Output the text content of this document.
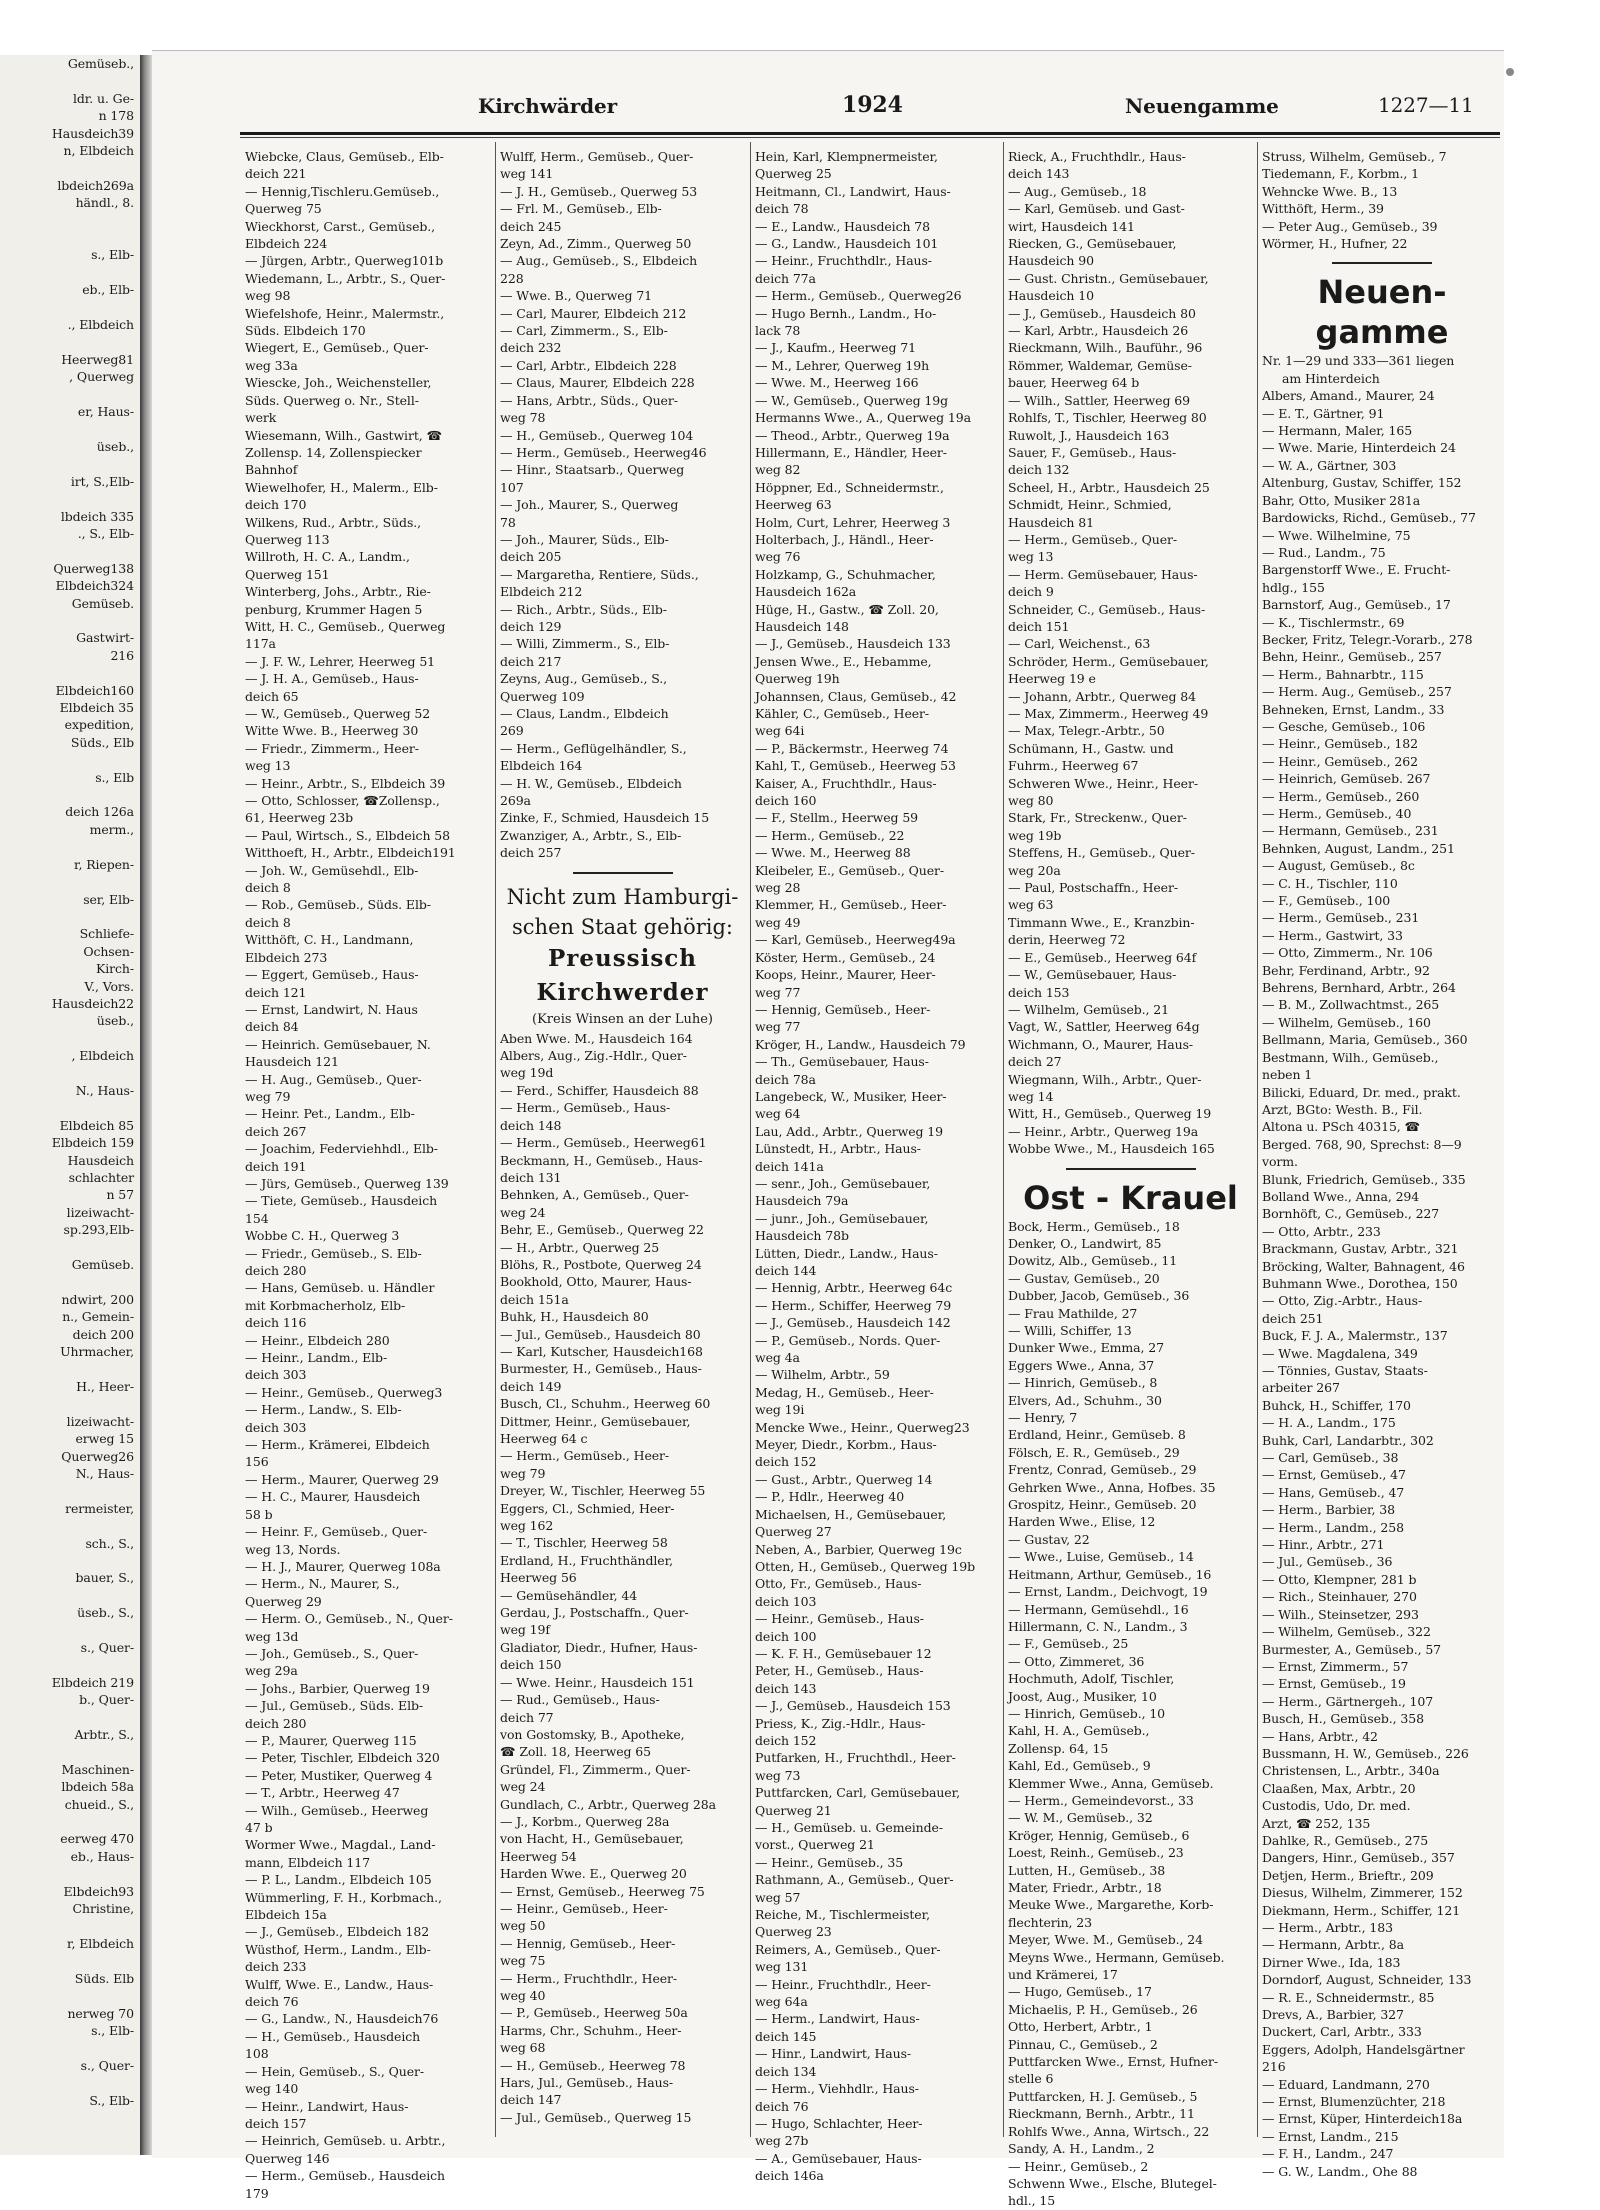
Gemüseb.,

ldr. u. Ge-
n 178
Hausdeich39
n, Elbdeich

lbdeich269a
händl., 8.

s., Elb-

eb., Elb-

., Elbdeich

Heerweg81
, Querweg

er, Haus-

üseb.,

irt, S.,Elb-

lbdeich 335
., S., Elb-

Querweg138
Elbdeich324
Gemüseb.

Gastwirt-
216

Elbdeich160
Elbdeich 35
expedition,
Süds., Elb

s., Elb

deich 126a
merm.,

r, Riepen-

ser, Elb-

Schliefe-
Ochsen-
Kirch-
V., Vors.
Hausdeich22
üseb.,

, Elbdeich

N., Haus-

Elbdeich 85
Elbdeich 159
Hausdeich
schlachter
n 57
lizeiwacht-
sp.293,Elb-

Gemüseb.

ndwirt, 200
n., Gemein-
deich 200
Uhrmacher,

H., Heer-

lizeiwacht-
erweg 15
Querweg26
N., Haus-

rermeister,

sch., S.,

bauer, S.,

üseb., S.,

s., Quer-

Elbdeich 219
b., Quer-

Arbtr., S.,

Maschinen-
lbdeich 58a
chueid., S.,

eerweg 470
eb., Haus-

Elbdeich93
Christine,

r, Elbdeich

Süds. Elb

nerweg 70
s., Elb-

s., Quer-

S., Elb-
Kirchwärder	1924	Neuengamme	1227—11
Wiebcke, Claus, Gemüseb., Elb-
deich 221
— Hennig,Tischleru.Gemüseb.,
Querweg 75
Wieckhorst, Carst., Gemüseb.,
Elbdeich 224
— Jürgen, Arbtr., Querweg101b
Wiedemann, L., Arbtr., S., Quer-
weg 98
Wiefelshofe, Heinr., Malermstr.,
Süds. Elbdeich 170
Wiegert, E., Gemüseb., Quer-
weg 33a
Wiescke, Joh., Weichensteller,
Süds. Querweg o. Nr., Stell-
werk
Wiesemann, Wilh., Gastwirt, ☎
Zollensp. 14, Zollenspiecker
Bahnhof
Wiewelhofer, H., Malerm., Elb-
deich 170
Wilkens, Rud., Arbtr., Süds.,
Querweg 113
Willroth, H. C. A., Landm.,
Querweg 151
Winterberg, Johs., Arbtr., Rie-
penburg, Krummer Hagen 5
Witt, H. C., Gemüseb., Querweg
117a
— J. F. W., Lehrer, Heerweg 51
— J. H. A., Gemüseb., Haus-
deich 65
— W., Gemüseb., Querweg 52
Witte Wwe. B., Heerweg 30
— Friedr., Zimmerm., Heer-
weg 13
— Heinr., Arbtr., S., Elbdeich 39
— Otto, Schlosser, ☎Zollensp.,
61, Heerweg 23b
— Paul, Wirtsch., S., Elbdeich 58
Witthoeft, H., Arbtr., Elbdeich191
— Joh. W., Gemüsehdl., Elb-
deich 8
— Rob., Gemüseb., Süds. Elb-
deich 8
Witthöft, C. H., Landmann,
Elbdeich 273
— Eggert, Gemüseb., Haus-
deich 121
— Ernst, Landwirt, N. Haus
deich 84
— Heinrich. Gemüsebauer, N.
Hausdeich 121
— H. Aug., Gemüseb., Quer-
weg 79
— Heinr. Pet., Landm., Elb-
deich 267
— Joachim, Federviehhdl., Elb-
deich 191
— Jürs, Gemüseb., Querweg 139
— Tiete, Gemüseb., Hausdeich
154
Wobbe C. H., Querweg 3
— Friedr., Gemüseb., S. Elb-
deich 280
— Hans, Gemüseb. u. Händler
mit Korbmacherholz, Elb-
deich 116
— Heinr., Elbdeich 280
— Heinr., Landm., Elb-
deich 303
— Heinr., Gemüseb., Querweg3
— Herm., Landw., S. Elb-
deich 303
— Herm., Krämerei, Elbdeich
156
— Herm., Maurer, Querweg 29
— H. C., Maurer, Hausdeich
58 b
— Heinr. F., Gemüseb., Quer-
weg 13, Nords.
— H. J., Maurer, Querweg 108a
— Herm., N., Maurer, S.,
Querweg 29
— Herm. O., Gemüseb., N., Quer-
weg 13d
— Joh., Gemüseb., S., Quer-
weg 29a
— Johs., Barbier, Querweg 19
— Jul., Gemüseb., Süds. Elb-
deich 280
— P., Maurer, Querweg 115
— Peter, Tischler, Elbdeich 320
— Peter, Mustiker, Querweg 4
— T., Arbtr., Heerweg 47
— Wilh., Gemüseb., Heerweg
47 b
Wormer Wwe., Magdal., Land-
mann, Elbdeich 117
— P. L., Landm., Elbdeich 105
Wümmerling, F. H., Korbmach.,
Elbdeich 15a
— J., Gemüseb., Elbdeich 182
Wüsthof, Herm., Landm., Elb-
deich 233
Wulff, Wwe. E., Landw., Haus-
deich 76
— G., Landw., N., Hausdeich76
— H., Gemüseb., Hausdeich
108
— Hein, Gemüseb., S., Quer-
weg 140
— Heinr., Landwirt, Haus-
deich 157
— Heinrich, Gemüseb. u. Arbtr.,
Querweg 146
— Herm., Gemüseb., Hausdeich
179
Wulff, Herm., Gemüseb., Quer-
weg 141
— J. H., Gemüseb., Querweg 53
— Frl. M., Gemüseb., Elb-
deich 245
Zeyn, Ad., Zimm., Querweg 50
— Aug., Gemüseb., S., Elbdeich
228
— Wwe. B., Querweg 71
— Carl, Maurer, Elbdeich 212
— Carl, Zimmerm., S., Elb-
deich 232
— Carl, Arbtr., Elbdeich 228
— Claus, Maurer, Elbdeich 228
— Hans, Arbtr., Süds., Quer-
weg 78
— H., Gemüseb., Querweg 104
— Herm., Gemüseb., Heerweg46
— Hinr., Staatsarb., Querweg
107
— Joh., Maurer, S., Querweg
78
— Joh., Maurer, Süds., Elb-
deich 205
— Margaretha, Rentiere, Süds.,
Elbdeich 212
— Rich., Arbtr., Süds., Elb-
deich 129
— Willi, Zimmerm., S., Elb-
deich 217
Zeyns, Aug., Gemüseb., S.,
Querweg 109
— Claus, Landm., Elbdeich
269
— Herm., Geflügelhändler, S.,
Elbdeich 164
— H. W., Gemüseb., Elbdeich
269a
Zinke, F., Schmied, Hausdeich 15
Zwanziger, A., Arbtr., S., Elb-
deich 257
Nicht zum Hamburgi-
schen Staat gehörig:
Preussisch
Kirchwerder
(Kreis Winsen an der Luhe)
Aben Wwe. M., Hausdeich 164
Albers, Aug., Zig.-Hdlr., Quer-
weg 19d
— Ferd., Schiffer, Hausdeich 88
— Herm., Gemüseb., Haus-
deich 148
— Herm., Gemüseb., Heerweg61
Beckmann, H., Gemüseb., Haus-
deich 131
Behnken, A., Gemüseb., Quer-
weg 24
Behr, E., Gemüseb., Querweg 22
— H., Arbtr., Querweg 25
Blöhs, R., Postbote, Querweg 24
Bookhold, Otto, Maurer, Haus-
deich 151a
Buhk, H., Hausdeich 80
— Jul., Gemüseb., Hausdeich 80
— Karl, Kutscher, Hausdeich168
Burmester, H., Gemüseb., Haus-
deich 149
Busch, Cl., Schuhm., Heerweg 60
Dittmer, Heinr., Gemüsebauer,
Heerweg 64 c
— Herm., Gemüseb., Heer-
weg 79
Dreyer, W., Tischler, Heerweg 55
Eggers, Cl., Schmied, Heer-
weg 162
— T., Tischler, Heerweg 58
Erdland, H., Fruchthändler,
Heerweg 56
— Gemüsehändler, 44
Gerdau, J., Postschaffn., Quer-
weg 19f
Gladiator, Diedr., Hufner, Haus-
deich 150
— Wwe. Heinr., Hausdeich 151
— Rud., Gemüseb., Haus-
deich 77
von Gostomsky, B., Apotheke,
☎ Zoll. 18, Heerweg 65
Gründel, Fl., Zimmerm., Quer-
weg 24
Gundlach, C., Arbtr., Querweg 28a
— J., Korbm., Querweg 28a
von Hacht, H., Gemüsebauer,
Heerweg 54
Harden Wwe. E., Querweg 20
— Ernst, Gemüseb., Heerweg 75
— Heinr., Gemüseb., Heer-
weg 50
— Hennig, Gemüseb., Heer-
weg 75
— Herm., Fruchthdlr., Heer-
weg 40
— P., Gemüseb., Heerweg 50a
Harms, Chr., Schuhm., Heer-
weg 68
— H., Gemüseb., Heerweg 78
Hars, Jul., Gemüseb., Haus-
deich 147
— Jul., Gemüseb., Querweg 15
Hein, Karl, Klempnermeister,
Querweg 25
Heitmann, Cl., Landwirt, Haus-
deich 78
— E., Landw., Hausdeich 78
— G., Landw., Hausdeich 101
— Heinr., Fruchthdlr., Haus-
deich 77a
— Herm., Gemüseb., Querweg26
— Hugo Bernh., Landm., Ho-
lack 78
— J., Kaufm., Heerweg 71
— M., Lehrer, Querweg 19h
— Wwe. M., Heerweg 166
— W., Gemüseb., Querweg 19g
Hermanns Wwe., A., Querweg 19a
— Theod., Arbtr., Querweg 19a
Hillermann, E., Händler, Heer-
weg 82
Höppner, Ed., Schneidermstr.,
Heerweg 63
Holm, Curt, Lehrer, Heerweg 3
Holterbach, J., Händl., Heer-
weg 76
Holzkamp, G., Schuhmacher,
Hausdeich 162a
Hüge, H., Gastw., ☎ Zoll. 20,
Hausdeich 148
— J., Gemüseb., Hausdeich 133
Jensen Wwe., E., Hebamme,
Querweg 19h
Johannsen, Claus, Gemüseb., 42
Kähler, C., Gemüseb., Heer-
weg 64i
— P., Bäckermstr., Heerweg 74
Kahl, T., Gemüseb., Heerweg 53
Kaiser, A., Fruchthdlr., Haus-
deich 160
— F., Stellm., Heerweg 59
— Herm., Gemüseb., 22
— Wwe. M., Heerweg 88
Kleibeler, E., Gemüseb., Quer-
weg 28
Klemmer, H., Gemüseb., Heer-
weg 49
— Karl, Gemüseb., Heerweg49a
Köster, Herm., Gemüseb., 24
Koops, Heinr., Maurer, Heer-
weg 77
— Hennig, Gemüseb., Heer-
weg 77
Kröger, H., Landw., Hausdeich 79
— Th., Gemüsebauer, Haus-
deich 78a
Langebeck, W., Musiker, Heer-
weg 64
Lau, Add., Arbtr., Querweg 19
Lünstedt, H., Arbtr., Haus-
deich 141a
— senr., Joh., Gemüsebauer,
Hausdeich 79a
— junr., Joh., Gemüsebauer,
Hausdeich 78b
Lütten, Diedr., Landw., Haus-
deich 144
— Hennig, Arbtr., Heerweg 64c
— Herm., Schiffer, Heerweg 79
— J., Gemüseb., Hausdeich 142
— P., Gemüseb., Nords. Quer-
weg 4a
— Wilhelm, Arbtr., 59
Medag, H., Gemüseb., Heer-
weg 19i
Mencke Wwe., Heinr., Querweg23
Meyer, Diedr., Korbm., Haus-
deich 152
— Gust., Arbtr., Querweg 14
— P., Hdlr., Heerweg 40
Michaelsen, H., Gemüsebauer,
Querweg 27
Neben, A., Barbier, Querweg 19c
Otten, H., Gemüseb., Querweg 19b
Otto, Fr., Gemüseb., Haus-
deich 103
— Heinr., Gemüseb., Haus-
deich 100
— K. F. H., Gemüsebauer 12
Peter, H., Gemüseb., Haus-
deich 143
— J., Gemüseb., Hausdeich 153
Priess, K., Zig.-Hdlr., Haus-
deich 152
Putfarken, H., Fruchthdl., Heer-
weg 73
Puttfarcken, Carl, Gemüsebauer,
Querweg 21
— H., Gemüseb. u. Gemeinde-
vorst., Querweg 21
— Heinr., Gemüseb., 35
Rathmann, A., Gemüseb., Quer-
weg 57
Reiche, M., Tischlermeister,
Querweg 23
Reimers, A., Gemüseb., Quer-
weg 131
— Heinr., Fruchthdlr., Heer-
weg 64a
— Herm., Landwirt, Haus-
deich 145
— Hinr., Landwirt, Haus-
deich 134
— Herm., Viehhdlr., Haus-
deich 76
— Hugo, Schlachter, Heer-
weg 27b
— A., Gemüsebauer, Haus-
deich 146a
Rieck, A., Fruchthdlr., Haus-
deich 143
— Aug., Gemüseb., 18
— Karl, Gemüseb. und Gast-
wirt, Hausdeich 141
Riecken, G., Gemüsebauer,
Hausdeich 90
— Gust. Christn., Gemüsebauer,
Hausdeich 10
— J., Gemüseb., Hausdeich 80
— Karl, Arbtr., Hausdeich 26
Rieckmann, Wilh., Bauführ., 96
Römmer, Waldemar, Gemüse-
bauer, Heerweg 64 b
— Wilh., Sattler, Heerweg 69
Rohlfs, T., Tischler, Heerweg 80
Ruwolt, J., Hausdeich 163
Sauer, F., Gemüseb., Haus-
deich 132
Scheel, H., Arbtr., Hausdeich 25
Schmidt, Heinr., Schmied,
Hausdeich 81
— Herm., Gemüseb., Quer-
weg 13
— Herm. Gemüsebauer, Haus-
deich 9
Schneider, C., Gemüseb., Haus-
deich 151
— Carl, Weichenst., 63
Schröder, Herm., Gemüsebauer,
Heerweg 19 e
— Johann, Arbtr., Querweg 84
— Max, Zimmerm., Heerweg 49
— Max, Telegr.-Arbtr., 50
Schümann, H., Gastw. und
Fuhrm., Heerweg 67
Schweren Wwe., Heinr., Heer-
weg 80
Stark, Fr., Streckenw., Quer-
weg 19b
Steffens, H., Gemüseb., Quer-
weg 20a
— Paul, Postschaffn., Heer-
weg 63
Timmann Wwe., E., Kranzbin-
derin, Heerweg 72
— E., Gemüseb., Heerweg 64f
— W., Gemüsebauer, Haus-
deich 153
— Wilhelm, Gemüseb., 21
Vagt, W., Sattler, Heerweg 64g
Wichmann, O., Maurer, Haus-
deich 27
Wiegmann, Wilh., Arbtr., Quer-
weg 14
Witt, H., Gemüseb., Querweg 19
— Heinr., Arbtr., Querweg 19a
Wobbe Wwe., M., Hausdeich 165
Ost - Krauel
Bock, Herm., Gemüseb., 18
Denker, O., Landwirt, 85
Dowitz, Alb., Gemüseb., 11
— Gustav, Gemüseb., 20
Dubber, Jacob, Gemüseb., 36
— Frau Mathilde, 27
— Willi, Schiffer, 13
Dunker Wwe., Emma, 27
Eggers Wwe., Anna, 37
— Hinrich, Gemüseb., 8
Elvers, Ad., Schuhm., 30
— Henry, 7
Erdland, Heinr., Gemüseb. 8
Fölsch, E. R., Gemüseb., 29
Frentz, Conrad, Gemüseb., 29
Gehrken Wwe., Anna, Hofbes. 35
Grospitz, Heinr., Gemüseb. 20
Harden Wwe., Elise, 12
— Gustav, 22
— Wwe., Luise, Gemüseb., 14
Heitmann, Arthur, Gemüseb., 16
— Ernst, Landm., Deichvogt, 19
— Hermann, Gemüsehdl., 16
Hillermann, C. N., Landm., 3
— F., Gemüseb., 25
— Otto, Zimmeret, 36
Hochmuth, Adolf, Tischler,
Joost, Aug., Musiker, 10
— Hinrich, Gemüseb., 10
Kahl, H. A., Gemüseb.,
Zollensp. 64, 15
Kahl, Ed., Gemüseb., 9
Klemmer Wwe., Anna, Gemüseb.
— Herm., Gemeindevorst., 33
— W. M., Gemüseb., 32
Kröger, Hennig, Gemüseb., 6
Loest, Reinh., Gemüseb., 23
Lutten, H., Gemüseb., 38
Mater, Friedr., Arbtr., 18
Meuke Wwe., Margarethe, Korb-
flechterin, 23
Meyer, Wwe. M., Gemüseb., 24
Meyns Wwe., Hermann, Gemüseb.
und Krämerei, 17
— Hugo, Gemüseb., 17
Michaelis, P. H., Gemüseb., 26
Otto, Herbert, Arbtr., 1
Pinnau, C., Gemüseb., 2
Puttfarcken Wwe., Ernst, Hufner-
stelle 6
Puttfarcken, H. J. Gemüseb., 5
Rieckmann, Bernh., Arbtr., 11
Rohlfs Wwe., Anna, Wirtsch., 22
Sandy, A. H., Landm., 2
— Heinr., Gemüseb., 2
Schwenn Wwe., Elsche, Blutegel-
hdl., 15
Struss, Wilhelm, Gemüseb., 7
Tiedemann, F., Korbm., 1
Wehncke Wwe. B., 13
Witthöft, Herm., 39
— Peter Aug., Gemüseb., 39
Wörmer, H., Hufner, 22
Neuen-
gamme
Nr. 1—29 und 333—361 liegen
am Hinterdeich
Albers, Amand., Maurer, 24
— E. T., Gärtner, 91
— Hermann, Maler, 165
— Wwe. Marie, Hinterdeich 24
— W. A., Gärtner, 303
Altenburg, Gustav, Schiffer, 152
Bahr, Otto, Musiker 281a
Bardowicks, Richd., Gemüseb., 77
— Wwe. Wilhelmine, 75
— Rud., Landm., 75
Bargenstorff Wwe., E. Frucht-
hdlg., 155
Barnstorf, Aug., Gemüseb., 17
— K., Tischlermstr., 69
Becker, Fritz, Telegr.-Vorarb., 278
Behn, Heinr., Gemüseb., 257
— Herm., Bahnarbtr., 115
— Herm. Aug., Gemüseb., 257
Behneken, Ernst, Landm., 33
— Gesche, Gemüseb., 106
— Heinr., Gemüseb., 182
— Heinr., Gemüseb., 262
— Heinrich, Gemüseb. 267
— Herm., Gemüseb., 260
— Herm., Gemüseb., 40
— Hermann, Gemüseb., 231
Behnken, August, Landm., 251
— August, Gemüseb., 8c
— C. H., Tischler, 110
— F., Gemüseb., 100
— Herm., Gemüseb., 231
— Herm., Gastwirt, 33
— Otto, Zimmerm., Nr. 106
Behr, Ferdinand, Arbtr., 92
Behrens, Bernhard, Arbtr., 264
— B. M., Zollwachtmst., 265
— Wilhelm, Gemüseb., 160
Bellmann, Maria, Gemüseb., 360
Bestmann, Wilh., Gemüseb.,
neben 1
Bilicki, Eduard, Dr. med., prakt.
Arzt, BGto: Westh. B., Fil.
Altona u. PSch 40315, ☎
Berged. 768, 90, Sprechst: 8—9
vorm.
Blunk, Friedrich, Gemüseb., 335
Bolland Wwe., Anna, 294
Bornhöft, C., Gemüseb., 227
— Otto, Arbtr., 233
Brackmann, Gustav, Arbtr., 321
Bröcking, Walter, Bahnagent, 46
Buhmann Wwe., Dorothea, 150
— Otto, Zig.-Arbtr., Haus-
deich 251
Buck, F. J. A., Malermstr., 137
— Wwe. Magdalena, 349
— Tönnies, Gustav, Staats-
arbeiter 267
Buhck, H., Schiffer, 170
— H. A., Landm., 175
Buhk, Carl, Landarbtr., 302
— Carl, Gemüseb., 38
— Ernst, Gemüseb., 47
— Hans, Gemüseb., 47
— Herm., Barbier, 38
— Herm., Landm., 258
— Hinr., Arbtr., 271
— Jul., Gemüseb., 36
— Otto, Klempner, 281 b
— Rich., Steinhauer, 270
— Wilh., Steinsetzer, 293
— Wilhelm, Gemüseb., 322
Burmester, A., Gemüseb., 57
— Ernst, Zimmerm., 57
— Ernst, Gemüseb., 19
— Herm., Gärtnergeh., 107
Busch, H., Gemüseb., 358
— Hans, Arbtr., 42
Bussmann, H. W., Gemüseb., 226
Christensen, L., Arbtr., 340a
Claaßen, Max, Arbtr., 20
Custodis, Udo, Dr. med.
Arzt, ☎ 252, 135
Dahlke, R., Gemüseb., 275
Dangers, Hinr., Gemüseb., 357
Detjen, Herm., Brieftr., 209
Diesus, Wilhelm, Zimmerer, 152
Diekmann, Herm., Schiffer, 121
— Herm., Arbtr., 183
— Hermann, Arbtr., 8a
Dirner Wwe., Ida, 183
Dorndorf, August, Schneider, 133
— R. E., Schneidermstr., 85
Drevs, A., Barbier, 327
Duckert, Carl, Arbtr., 333
Eggers, Adolph, Handelsgärtner
216
— Eduard, Landmann, 270
— Ernst, Blumenzüchter, 218
— Ernst, Küper, Hinterdeich18a
— Ernst, Landm., 215
— F. H., Landm., 247
— G. W., Landm., Ohe 88
